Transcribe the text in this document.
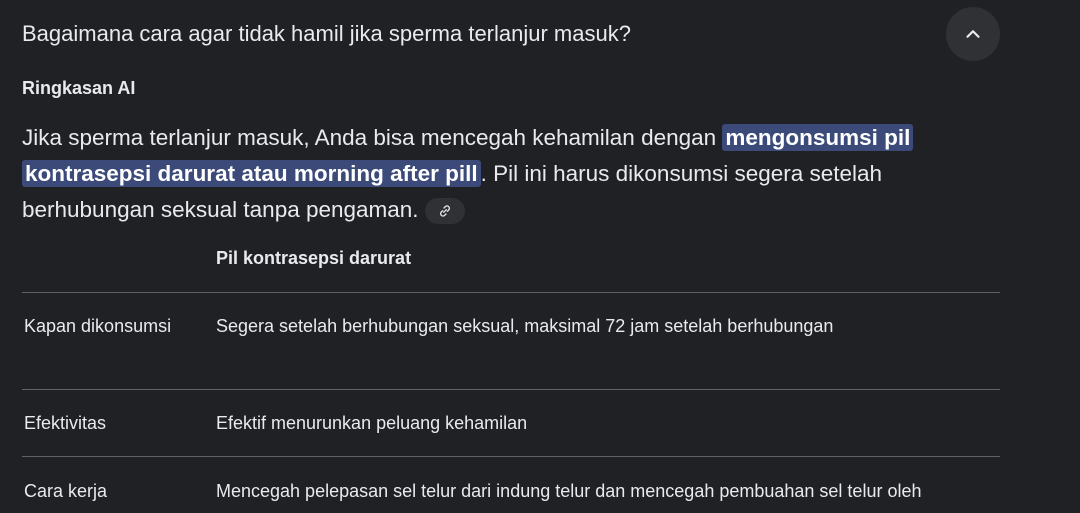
Bagaimana cara agar tidak hamil jika sperma terlanjur masuk?
Ringkasan AI
Jika sperma terlanjur masuk, Anda bisa mencegah kehamilan dengan mengonsumsi pil kontrasepsi darurat atau morning after pill . Pil ini harus dikonsumsi segera setelah berhubungan seksual tanpa pengaman.
Pil kontrasepsi darurat
Kapan dikonsumsi	Segera setelah berhubungan seksual, maksimal 72 jam setelah berhubungan
Efektivitas	Efektif menurunkan peluang kehamilan
Cara kerja	Mencegah pelepasan sel telur dari indung telur dan mencegah pembuahan sel telur oleh
